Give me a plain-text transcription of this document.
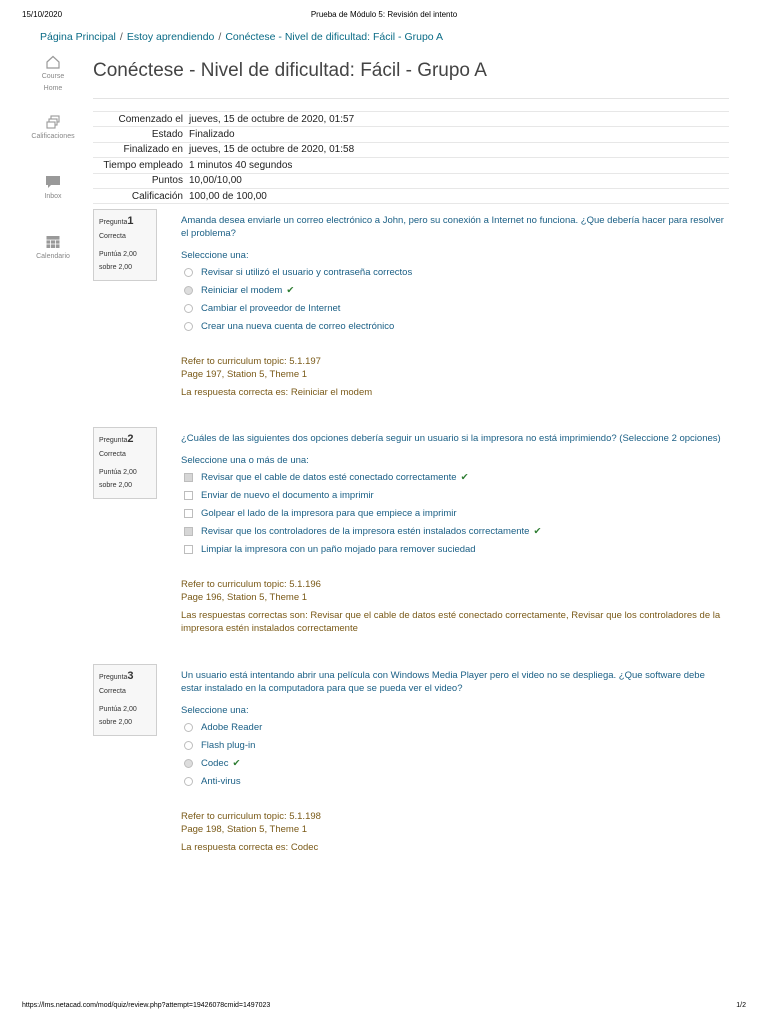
15/10/2020	Prueba de Módulo 5: Revisión del intento
Página Principal / Estoy aprendiendo / Conéctese - Nivel de dificultad: Fácil - Grupo A
Course
Home
Calificaciones
Inbox
Calendario
Conéctese - Nivel de dificultad: Fácil - Grupo A
Comenzado el	jueves, 15 de octubre de 2020, 01:57
Estado	Finalizado
Finalizado en	jueves, 15 de octubre de 2020, 01:58
Tiempo empleado	1 minutos 40 segundos
Puntos	10,00/10,00
Calificación	100,00 de 100,00
Pregunta1
Correcta
Puntúa 2,00
sobre 2,00

Amanda desea enviarle un correo electrónico a John, pero su conexión a Internet no funciona. ¿Que debería hacer para resolver el problema?

Seleccione una:
Revisar si utilizó el usuario y contraseña correctos
Reiniciar el modem ✔
Cambiar el proveedor de Internet
Crear una nueva cuenta de correo electrónico
Refer to curriculum topic: 5.1.197
Page 197, Station 5, Theme 1
La respuesta correcta es: Reiniciar el modem
Pregunta2
Correcta
Puntúa 2,00
sobre 2,00

¿Cuáles de las siguientes dos opciones debería seguir un usuario si la impresora no está imprimiendo? (Seleccione 2 opciones)

Seleccione una o más de una:
Revisar que el cable de datos esté conectado correctamente ✔
Enviar de nuevo el documento a imprimir
Golpear el lado de la impresora para que empiece a imprimir
Revisar que los controladores de la impresora estén instalados correctamente ✔
Limpiar la impresora con un paño mojado para remover suciedad
Refer to curriculum topic: 5.1.196
Page 196, Station 5, Theme 1
Las respuestas correctas son: Revisar que el cable de datos esté conectado correctamente, Revisar que los controladores de la impresora estén instalados correctamente
Pregunta3
Correcta
Puntúa 2,00
sobre 2,00

Un usuario está intentando abrir una película con Windows Media Player pero el video no se despliega. ¿Que software debe estar instalado en la computadora para que se pueda ver el video?

Seleccione una:
Adobe Reader
Flash plug-in
Codec ✔
Anti-virus
Refer to curriculum topic: 5.1.198
Page 198, Station 5, Theme 1
La respuesta correcta es: Codec
https://lms.netacad.com/mod/quiz/review.php?attempt=19426078cmid=1497023	1/2
